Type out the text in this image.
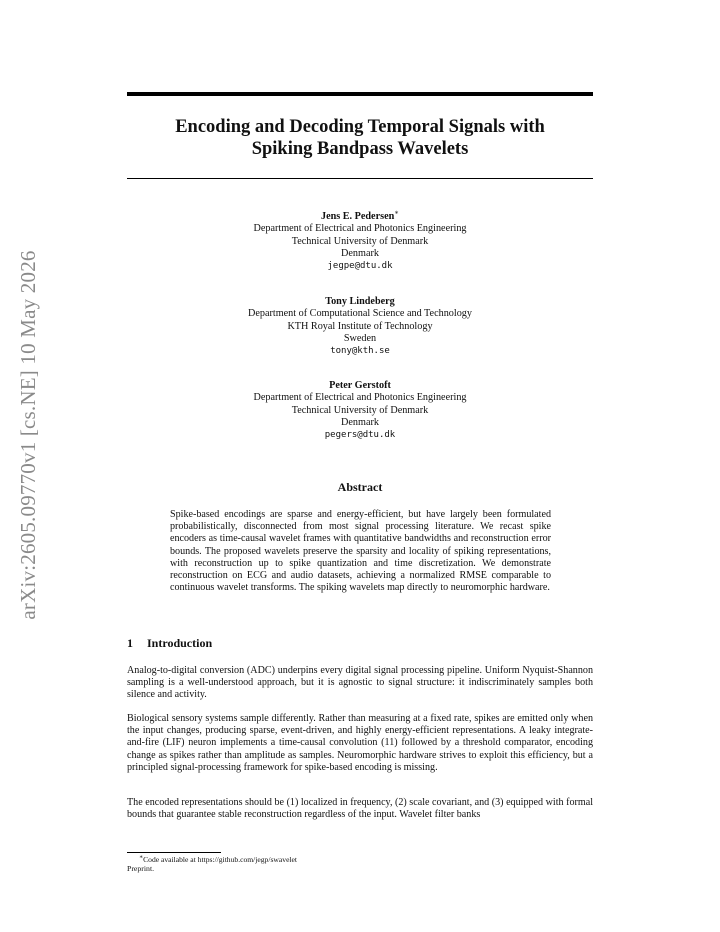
arXiv:2605.09770v1 [cs.NE] 10 May 2026
Encoding and Decoding Temporal Signals with
Spiking Bandpass Wavelets
Jens E. Pedersen∗
Department of Electrical and Photonics Engineering
Technical University of Denmark
Denmark
jegpe@dtu.dk
Tony Lindeberg
Department of Computational Science and Technology
KTH Royal Institute of Technology
Sweden
tony@kth.se
Peter Gerstoft
Department of Electrical and Photonics Engineering
Technical University of Denmark
Denmark
pegers@dtu.dk
Abstract

Spike-based encodings are sparse and energy-efficient, but have largely been formulated probabilistically, disconnected from most signal processing literature. We recast spike encoders as time-causal wavelet frames with quantitative bandwidths and reconstruction error bounds. The proposed wavelets preserve the sparsity and locality of spiking representations, with reconstruction up to spike quantization and time discretization. We demonstrate reconstruction on ECG and audio datasets, achieving a normalized RMSE comparable to continuous wavelet transforms. The spiking wavelets map directly to neuromorphic hardware.

1 Introduction

Analog-to-digital conversion (ADC) underpins every digital signal processing pipeline. Uniform Nyquist-Shannon sampling is a well-understood approach, but it is agnostic to signal structure: it indiscriminately samples both silence and activity.

Biological sensory systems sample differently. Rather than measuring at a fixed rate, spikes are emitted only when the input changes, producing sparse, event-driven, and highly energy-efficient representations. A leaky integrate-and-fire (LIF) neuron implements a time-causal convolution (11) followed by a threshold comparator, encoding change as spikes rather than amplitude as samples. Neuromorphic hardware strives to exploit this efficiency, but a principled signal-processing framework for spike-based encoding is missing.

The encoded representations should be (1) localized in frequency, (2) scale covariant, and (3) equipped with formal bounds that guarantee stable reconstruction regardless of the input. Wavelet filter banks

∗Code available at https://github.com/jegp/swavelet
Preprint.
